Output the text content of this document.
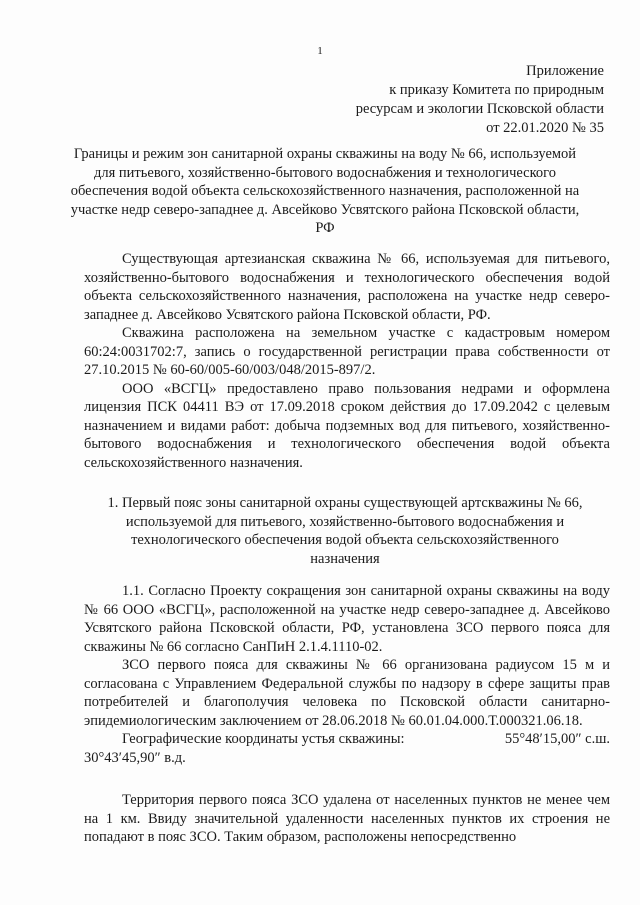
1
Приложение
к приказу Комитета по природным
ресурсам и экологии Псковской области
от 22.01.2020 № 35
Границы и режим зон санитарной охраны скважины на воду № 66, используемой для питьевого, хозяйственно-бытового водоснабжения и технологического обеспечения водой объекта сельскохозяйственного назначения, расположенной на участке недр северо-западнее д. Авсейково Усвятского района Псковской области, РФ

Существующая артезианская скважина № 66, используемая для питьевого, хозяйственно-бытового водоснабжения и технологического обеспечения водой объекта сельскохозяйственного назначения, расположена на участке недр северо-западнее д. Авсейково Усвятского района Псковской области, РФ.

Скважина расположена на земельном участке с кадастровым номером 60:24:0031702:7, запись о государственной регистрации права собственности от 27.10.2015 № 60-60/005-60/003/048/2015-897/2.

ООО «ВСГЦ» предоставлено право пользования недрами и оформлена лицензия ПСК 04411 ВЭ от 17.09.2018 сроком действия до 17.09.2042 с целевым назначением и видами работ: добыча подземных вод для питьевого, хозяйственно-бытового водоснабжения и технологического обеспечения водой объекта сельскохозяйственного назначения.

1. Первый пояс зоны санитарной охраны существующей артскважины № 66, используемой для питьевого, хозяйственно-бытового водоснабжения и технологического обеспечения водой объекта сельскохозяйственного назначения

1.1. Согласно Проекту сокращения зон санитарной охраны скважины на воду № 66 ООО «ВСГЦ», расположенной на участке недр северо-западнее д. Авсейково Усвятского района Псковской области, РФ, установлена ЗСО первого пояса для скважины № 66 согласно СанПиН 2.1.4.1110-02.

ЗСО первого пояса для скважины № 66 организована радиусом 15 м и согласована с Управлением Федеральной службы по надзору в сфере защиты прав потребителей и благополучия человека по Псковской области санитарно-эпидемиологическим заключением от 28.06.2018 № 60.01.04.000.Т.000321.06.18.

Географические координаты устья скважины:	55°48′15,00″ с.ш.
30°43′45,90″ в.д.

Территория первого пояса ЗСО удалена от населенных пунктов не менее чем на 1 км. Ввиду значительной удаленности населенных пунктов их строения не попадают в пояс ЗСО. Таким образом, расположены непосредственно
